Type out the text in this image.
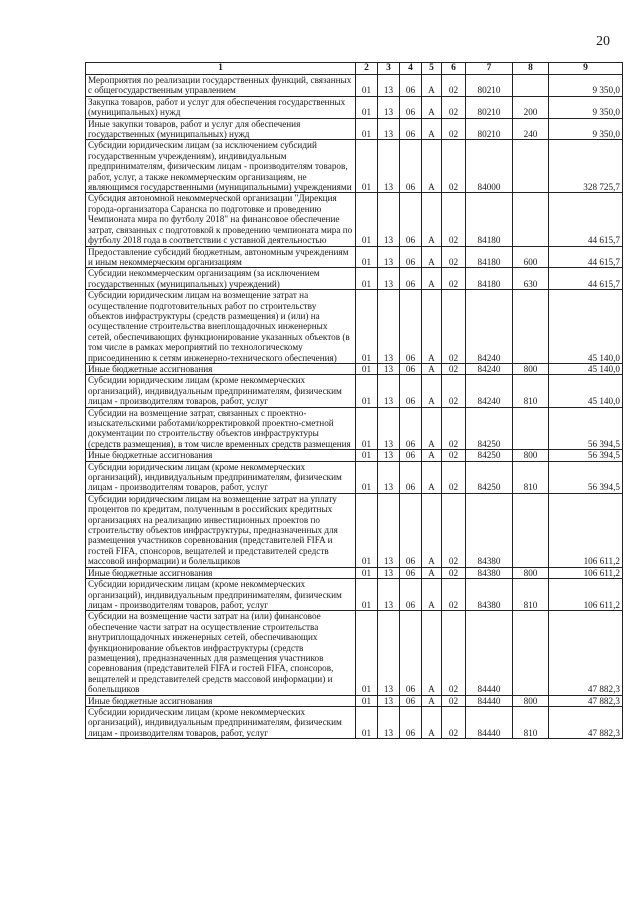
20
1	2	3	4	5	6	7	8	9
Мероприятия по реализации государственных функций, связанных с общегосударственным управлением	01	13	06	А	02	80210		9 350,0
Закупка товаров, работ и услуг для обеспечения государственных (муниципальных) нужд	01	13	06	А	02	80210	200	9 350,0
Иные закупки товаров, работ и услуг для обеспечения государственных (муниципальных) нужд	01	13	06	А	02	80210	240	9 350,0
Субсидии юридическим лицам (за исключением субсидий государственным учреждениям), индивидуальным предпринимателям, физическим лицам - производителям товаров, работ, услуг, а также некоммерческим организациям, не являющимся государственными (муниципальными) учреждениями	01	13	06	А	02	84000		328 725,7
Субсидия автономной некоммерческой организации "Дирекция города-организатора Саранска по подготовке и проведению Чемпионата мира по футболу 2018" на финансовое обеспечение затрат, связанных с подготовкой к проведению чемпионата мира по футболу 2018 года в соответствии с уставной деятельностью	01	13	06	А	02	84180		44 615,7
Предоставление субсидий бюджетным, автономным учреждениям и иным некоммерческим организациям	01	13	06	А	02	84180	600	44 615,7
Субсидии некоммерческим организациям (за исключением государственных (муниципальных) учреждений)	01	13	06	А	02	84180	630	44 615,7
Субсидии юридическим лицам на возмещение затрат на осуществление подготовительных работ по строительству объектов инфраструктуры (средств размещения) и (или) на осуществление строительства внеплощадочных инженерных сетей, обеспечивающих функционирование указанных объектов (в том числе в рамках мероприятий по технологическому присоединению к сетям инженерно-технического обеспечения)	01	13	06	А	02	84240		45 140,0
Иные бюджетные ассигнования	01	13	06	А	02	84240	800	45 140,0
Субсидии юридическим лицам (кроме некоммерческих организаций), индивидуальным предпринимателям, физическим лицам - производителям товаров, работ, услуг	01	13	06	А	02	84240	810	45 140,0
Субсидии на возмещение затрат, связанных с проектно-изыскательскими работами/корректировкой проектно-сметной документации по строительству объектов инфраструктуры (средств размещения), в том числе временных средств размещения	01	13	06	А	02	84250		56 394,5
Иные бюджетные ассигнования	01	13	06	А	02	84250	800	56 394,5
Субсидии юридическим лицам (кроме некоммерческих организаций), индивидуальным предпринимателям, физическим лицам - производителям товаров, работ, услуг	01	13	06	А	02	84250	810	56 394,5
Субсидии юридическим лицам на возмещение затрат на уплату процентов по кредитам, полученным в российских кредитных организациях на реализацию инвестиционных проектов по строительству объектов инфраструктуры, предназначенных для размещения участников соревнования (представителей FIFA и гостей FIFA, спонсоров, вещателей и представителей средств массовой информации) и болельщиков	01	13	06	А	02	84380		106 611,2
Иные бюджетные ассигнования	01	13	06	А	02	84380	800	106 611,2
Субсидии юридическим лицам (кроме некоммерческих организаций), индивидуальным предпринимателям, физическим лицам - производителям товаров, работ, услуг	01	13	06	А	02	84380	810	106 611,2
Субсидии на возмещение части затрат на (или) финансовое обеспечение части затрат на осуществление строительства внутриплощадочных инженерных сетей, обеспечивающих функционирование объектов инфраструктуры (средств размещения), предназначенных для размещения участников соревнования (представителей FIFA и гостей FIFA, спонсоров, вещателей и представителей средств массовой информации) и болельщиков	01	13	06	А	02	84440		47 882,3
Иные бюджетные ассигнования	01	13	06	А	02	84440	800	47 882,3
Субсидии юридическим лицам (кроме некоммерческих организаций), индивидуальным предпринимателям, физическим лицам - производителям товаров, работ, услуг	01	13	06	А	02	84440	810	47 882,3
